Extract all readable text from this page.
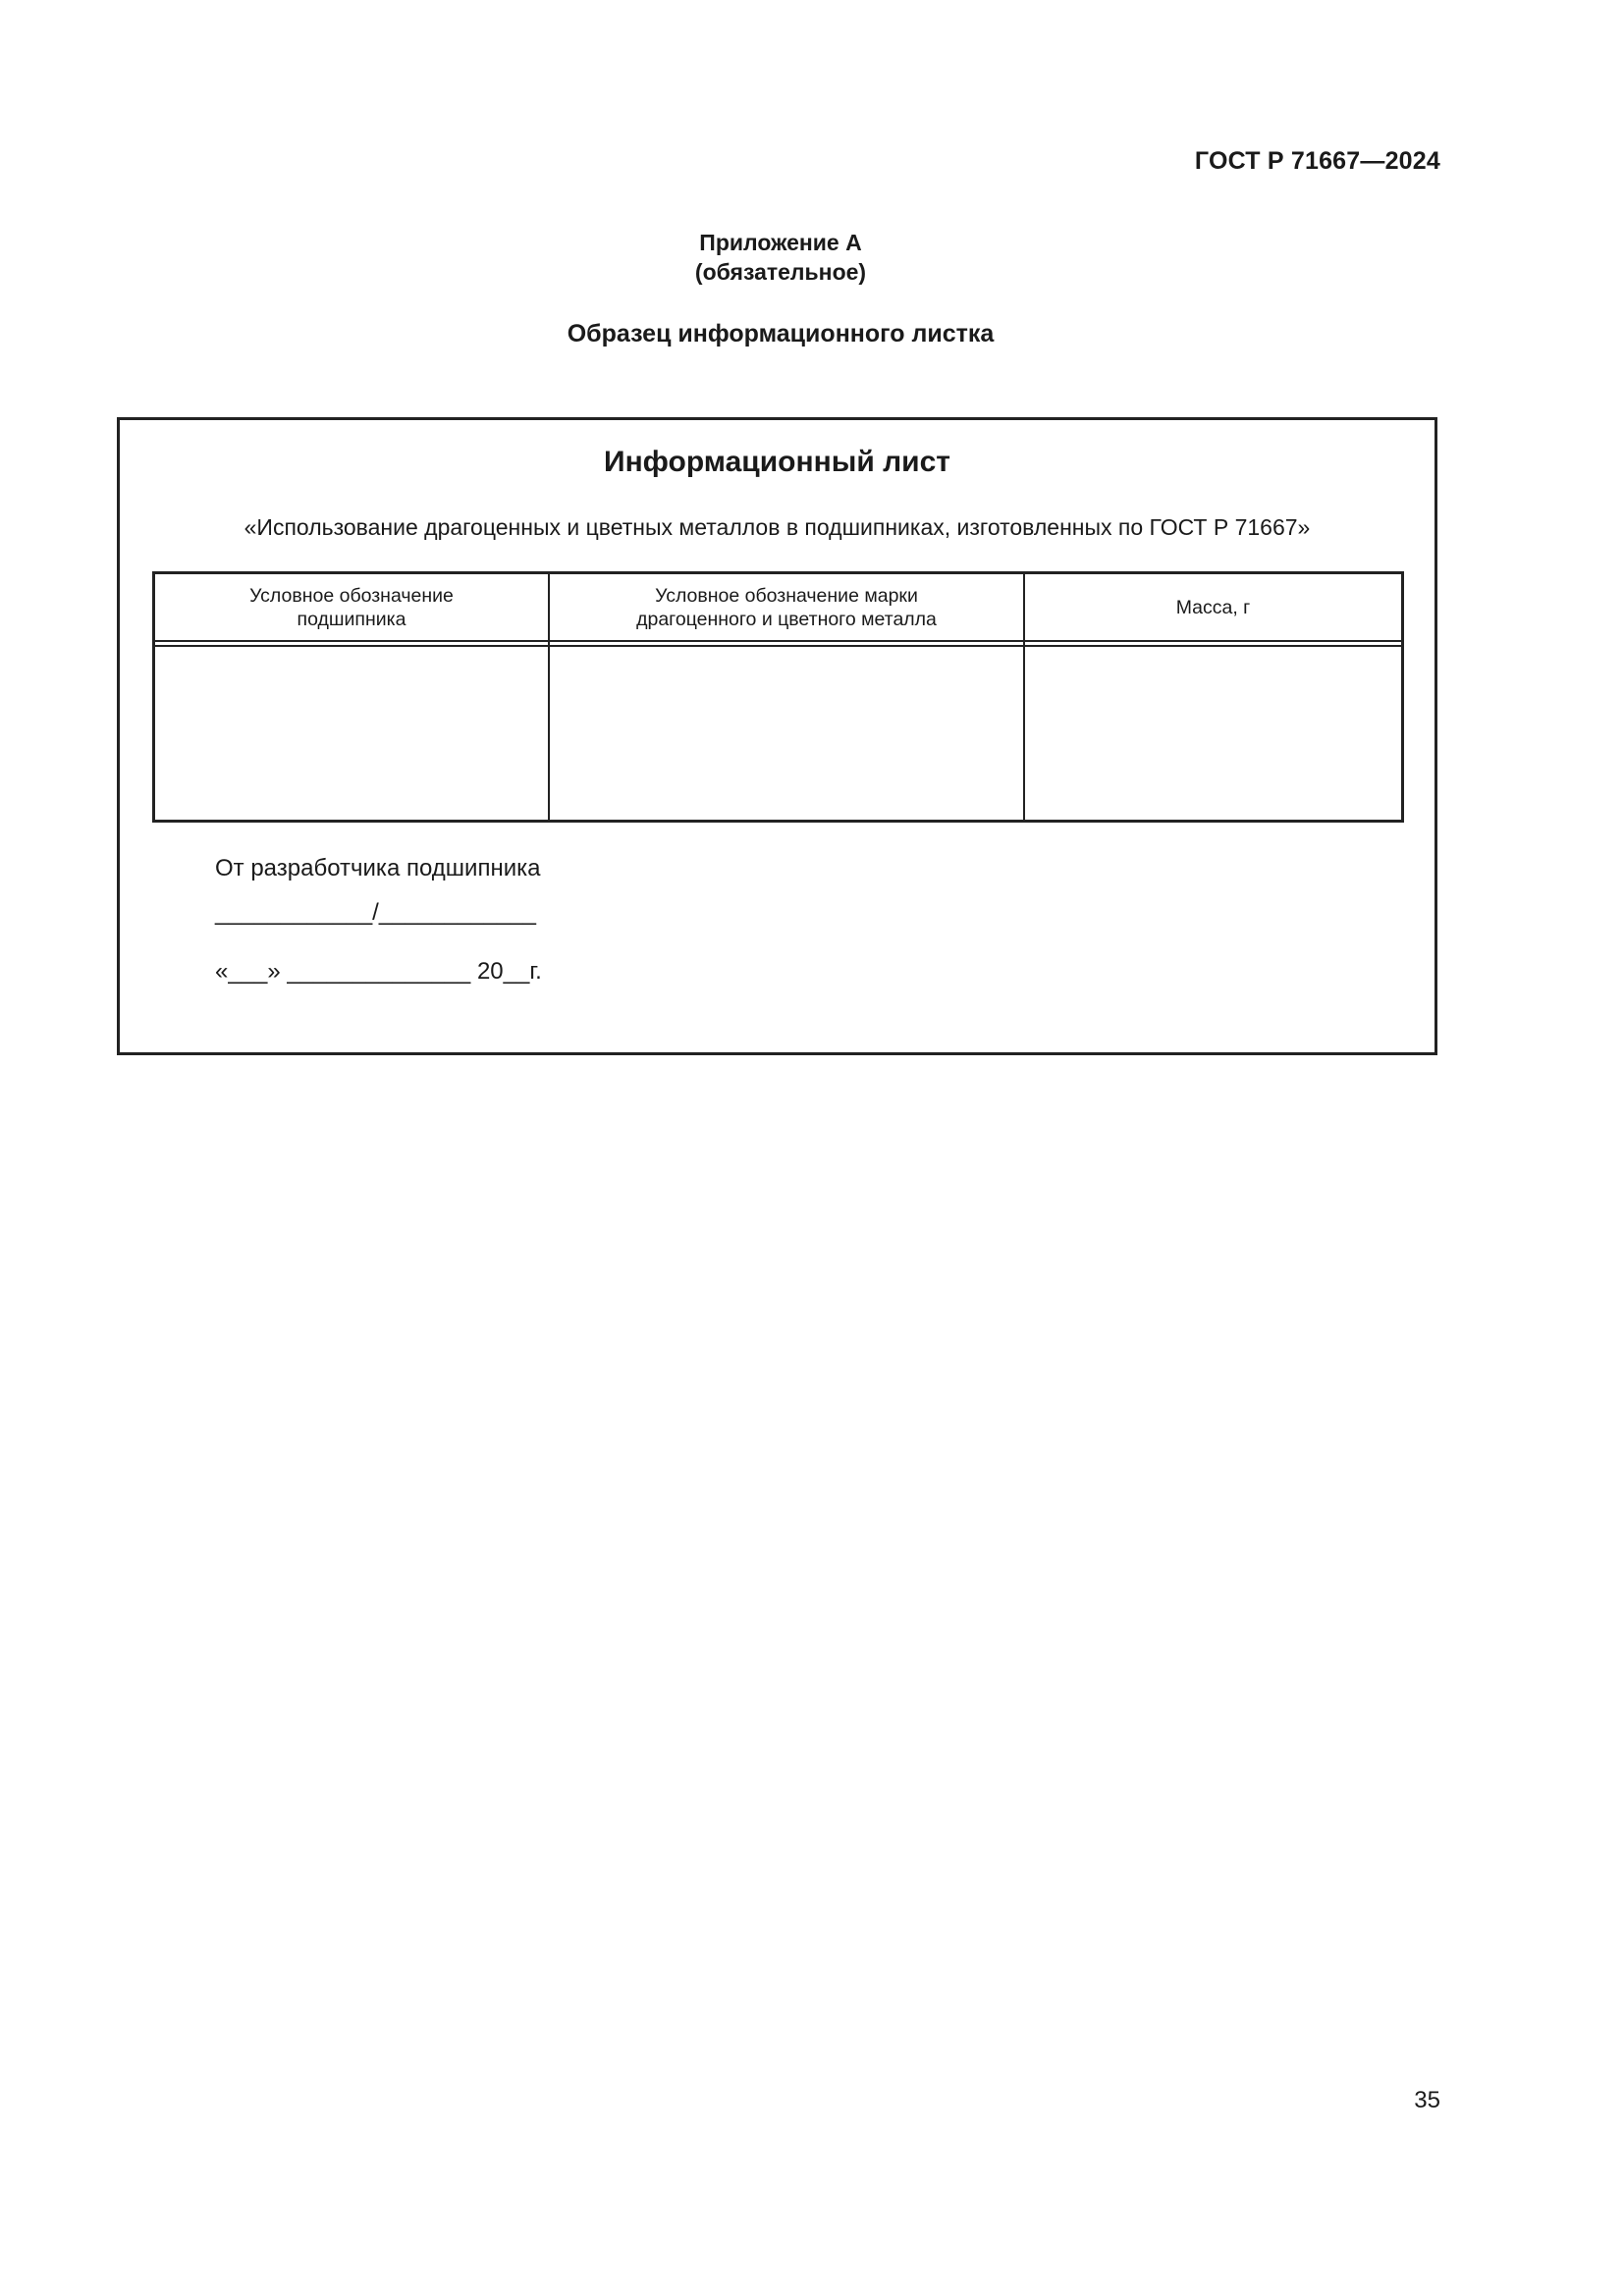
ГОСТ Р 71667—2024
Приложение А
(обязательное)
Образец информационного листка
Информационный лист
«Использование драгоценных и цветных металлов в подшипниках, изготовленных по ГОСТ Р 71667»
Условное обозначение
подшипника
Условное обозначение марки
драгоценного и цветного металла
Масса, г
От разработчика подшипника
____________/____________
«___» ______________ 20__г.
35
